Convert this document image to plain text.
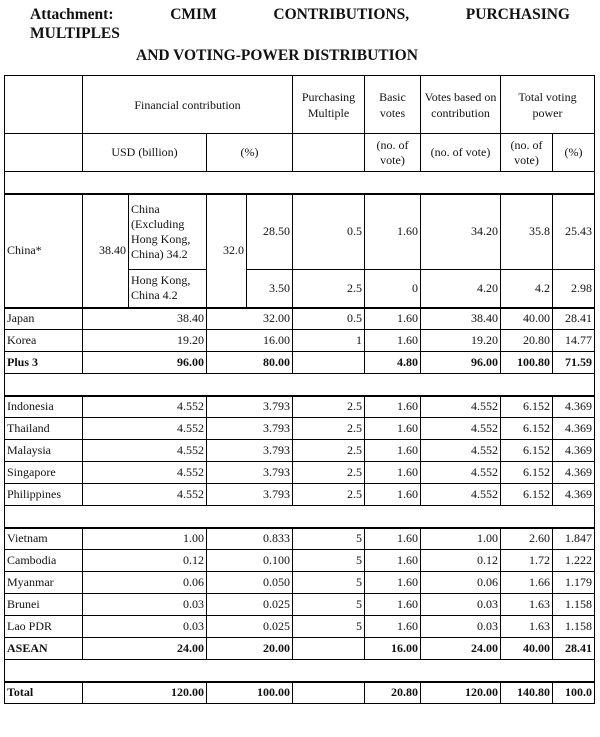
Attachment:	CMIM	CONTRIBUTIONS,	PURCHASING
MULTIPLES
AND VOTING-POWER DISTRIBUTION
	Financial contribution				Purchasing Multiple	Basic votes	Votes based on contribution	Total voting power	
	USD (billion)		(%)			(no. of vote)	(no. of vote)	(no. of vote)	(%)

China*	38.40	China (Excluding Hong Kong, China) 34.2	32.0	28.50	0.5	1.60	34.20	35.8	25.43
		Hong Kong, China 4.2		3.50	2.5	0	4.20	4.2	2.98
Japan	38.40		32.00		0.5	1.60	38.40	40.00	28.41
Korea	19.20		16.00		1	1.60	19.20	20.80	14.77
Plus 3	96.00		80.00			4.80	96.00	100.80	71.59

Indonesia	4.552		3.793		2.5	1.60	4.552	6.152	4.369
Thailand	4.552		3.793		2.5	1.60	4.552	6.152	4.369
Malaysia	4.552		3.793		2.5	1.60	4.552	6.152	4.369
Singapore	4.552		3.793		2.5	1.60	4.552	6.152	4.369
Philippines	4.552		3.793		2.5	1.60	4.552	6.152	4.369

Vietnam	1.00		0.833		5	1.60	1.00	2.60	1.847
Cambodia	0.12		0.100		5	1.60	0.12	1.72	1.222
Myanmar	0.06		0.050		5	1.60	0.06	1.66	1.179
Brunei	0.03		0.025		5	1.60	0.03	1.63	1.158
Lao PDR	0.03		0.025		5	1.60	0.03	1.63	1.158
ASEAN	24.00		20.00			16.00	24.00	40.00	28.41

Total	120.00		100.00			20.80	120.00	140.80	100.0
